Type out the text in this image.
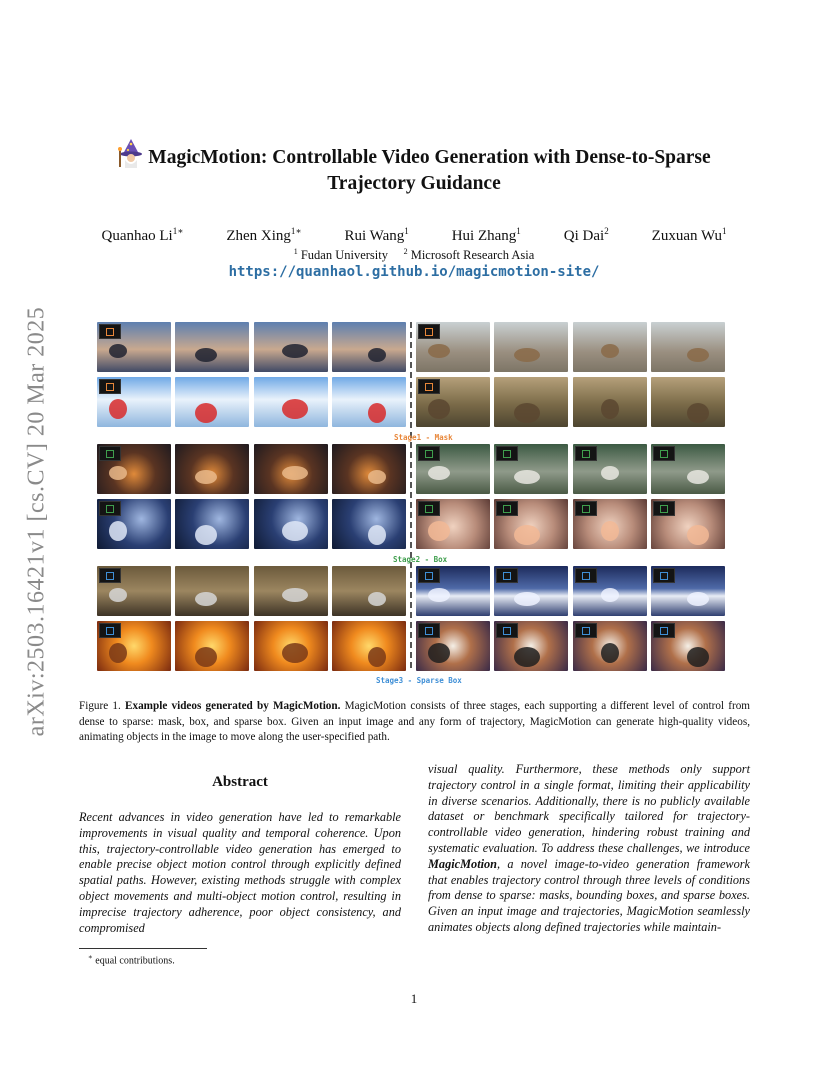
arXiv:2503.16421v1 [cs.CV] 20 Mar 2025
MagicMotion: Controllable Video Generation with Dense-to-Sparse
Trajectory Guidance
Quanhao $Li^{1∗}$	Zhen Xing$^{1∗}$	Rui Wang$^1$	Hui Zhang$^1$	Qi Dai$^2$	Zuxuan Wu$^1$
$^1$ Fudan University $^2$ Microsoft Research Asia
https://quanhaol.github.io/magicmotion-site/
Stage1 - Mask
Stage2 - Box
Stage3 - Sparse Box
Figure 1. Example videos generated by MagicMotion. MagicMotion consists of three stages, each supporting a different level of control from dense to sparse: mask, box, and sparse box. Given an input image and any form of trajectory, MagicMotion can generate high-quality videos, animating objects in the image to move along the user-specified path.
Abstract
Recent advances in video generation have led to remarkable improvements in visual quality and temporal coherence. Upon this, trajectory-controllable video generation has emerged to enable precise object motion control through explicitly defined spatial paths. However, existing methods struggle with complex object movements and multi-object motion control, resulting in imprecise trajectory adherence, poor object consistency, and compromised
visual quality. Furthermore, these methods only support trajectory control in a single format, limiting their applicability in diverse scenarios. Additionally, there is no publicly available dataset or benchmark specifically tailored for trajectory-controllable video generation, hindering robust training and systematic evaluation. To address these challenges, we introduce MagicMotion, a novel image-to-video generation framework that enables trajectory control through three levels of conditions from dense to sparse: masks, bounding boxes, and sparse boxes. Given an input image and trajectories, MagicMotion seamlessly animates objects along defined trajectories while maintain-
∗ equal contributions.
1
